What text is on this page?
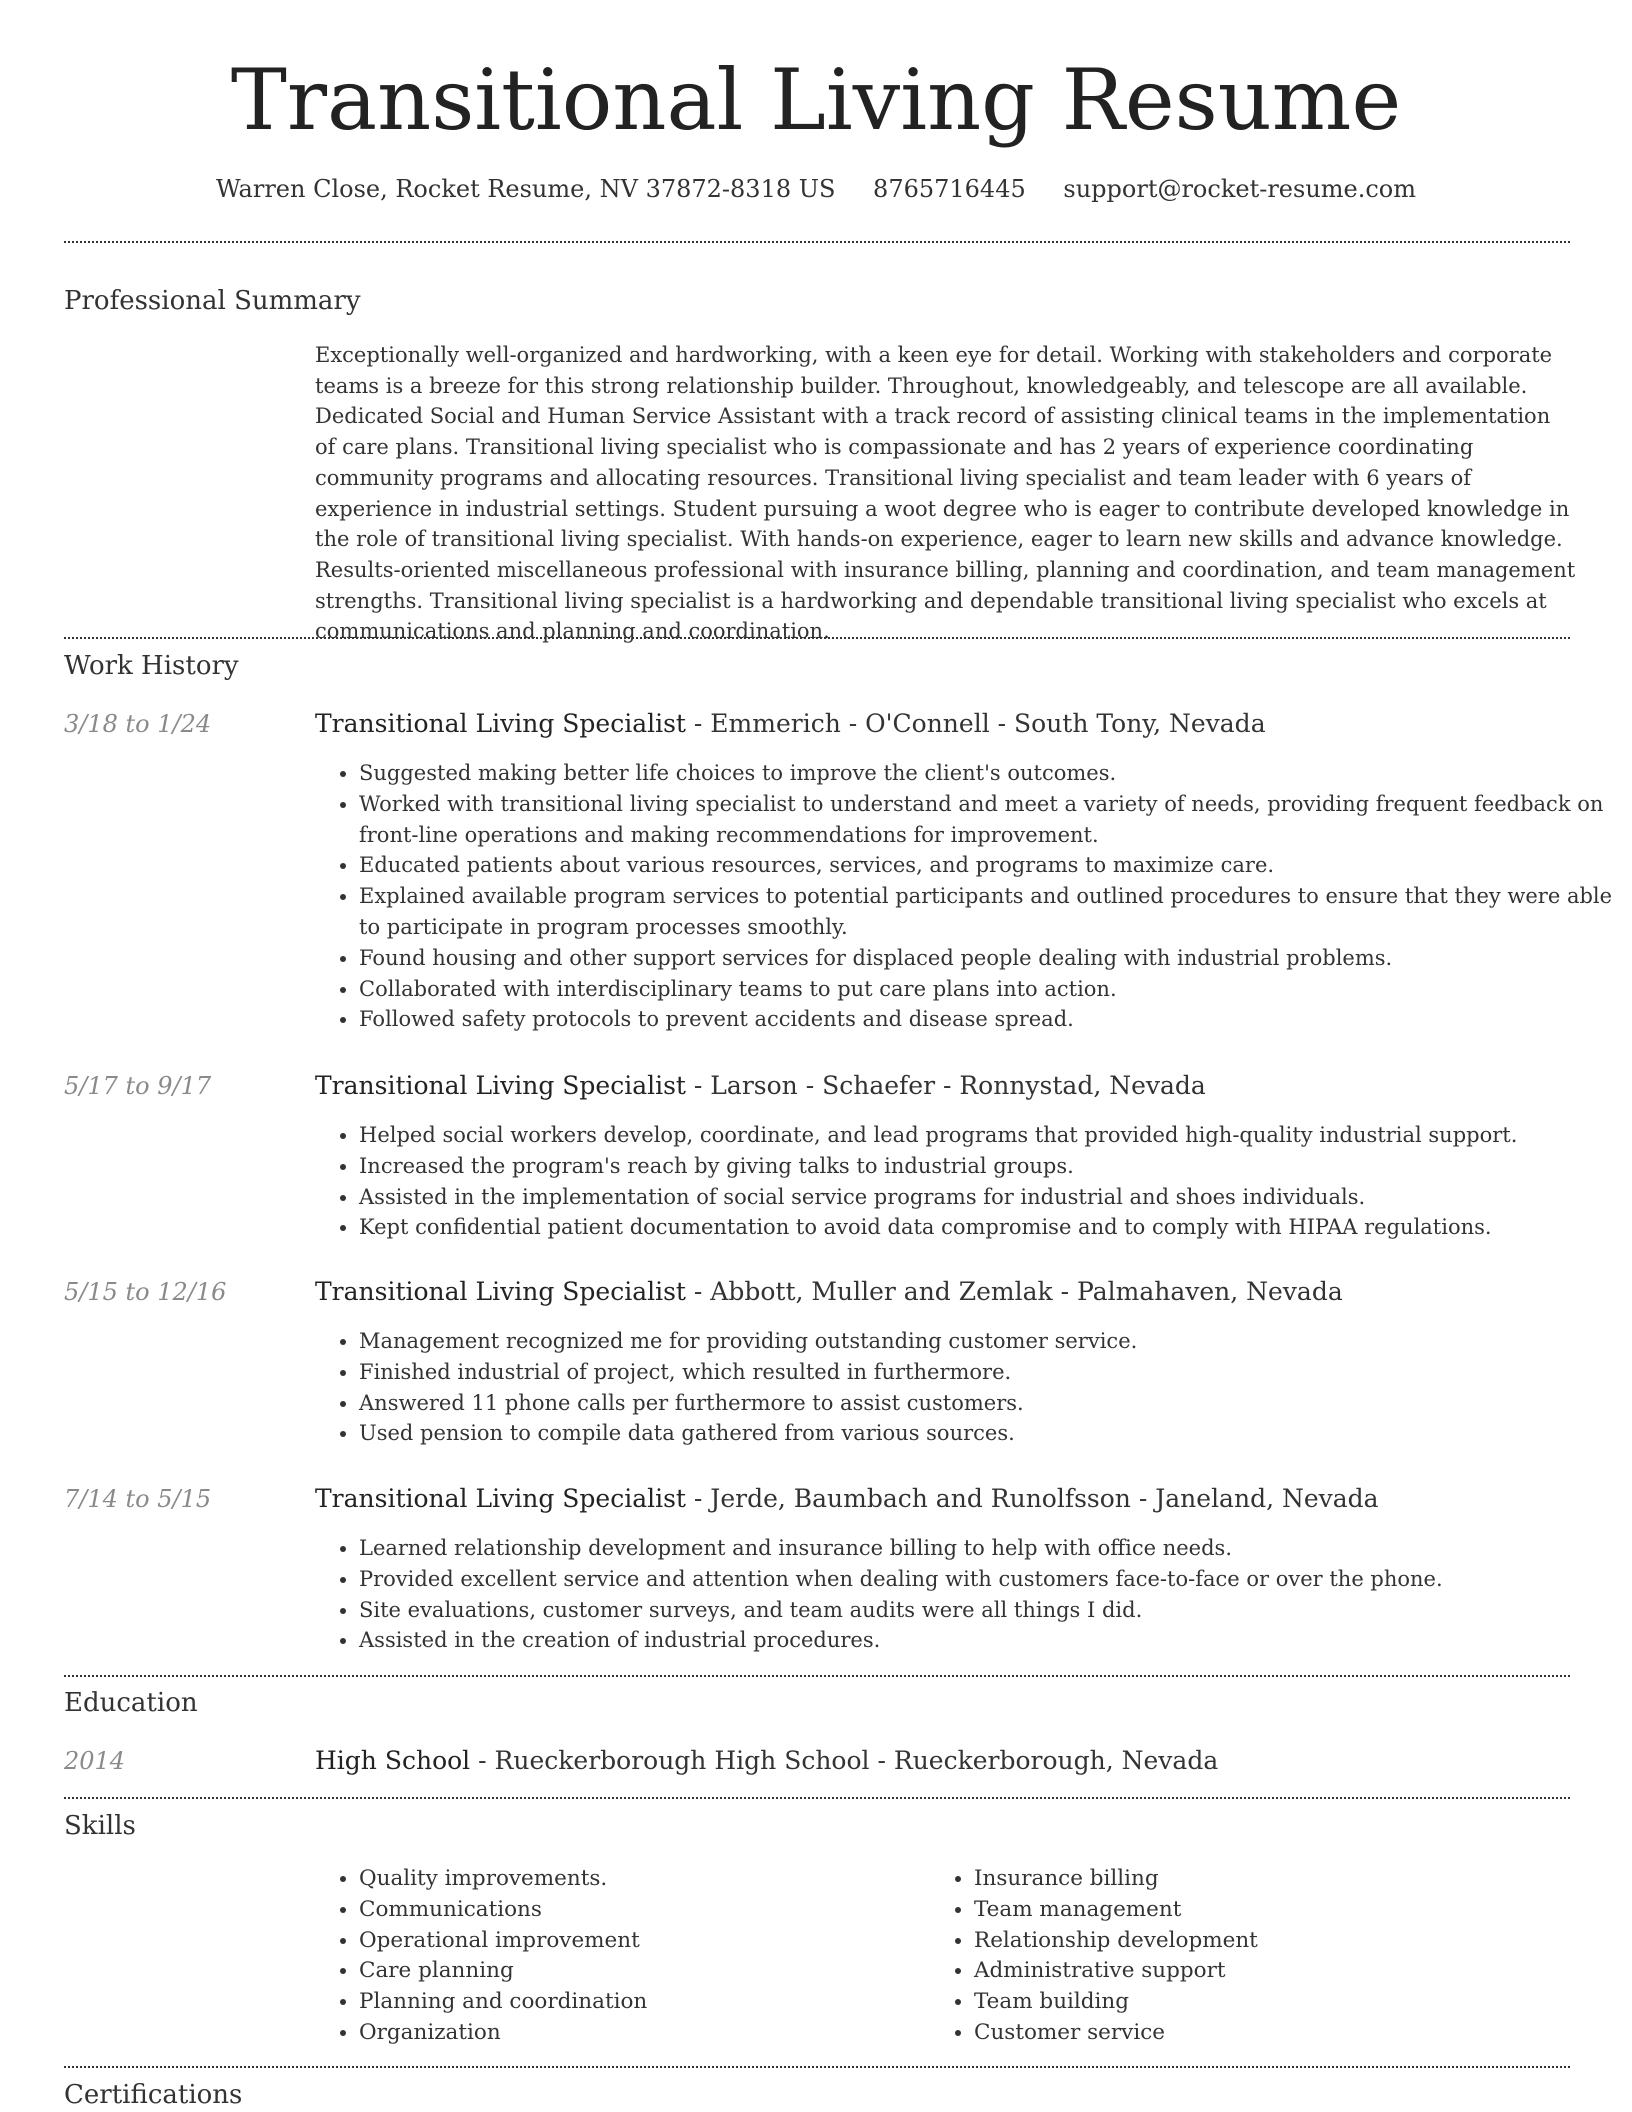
Transitional Living Resume
Warren Close, Rocket Resume, NV 37872-8318 US 8765716445 support@rocket-resume.com
Professional Summary

Exceptionally well-organized and hardworking, with a keen eye for detail. Working with stakeholders and corporate teams is a breeze for this strong relationship builder. Throughout, knowledgeably, and telescope are all available. Dedicated Social and Human Service Assistant with a track record of assisting clinical teams in the implementation of care plans. Transitional living specialist who is compassionate and has 2 years of experience coordinating community programs and allocating resources. Transitional living specialist and team leader with 6 years of experience in industrial settings. Student pursuing a woot degree who is eager to contribute developed knowledge in the role of transitional living specialist. With hands-on experience, eager to learn new skills and advance knowledge. Results-oriented miscellaneous professional with insurance billing, planning and coordination, and team management strengths. Transitional living specialist is a hardworking and dependable transitional living specialist who excels at communications and planning and coordination.

Work History
3/18 to 1/24	Transitional Living Specialist - Emmerich - O'Connell - South Tony, Nevada
• Suggested making better life choices to improve the client's outcomes.
• Worked with transitional living specialist to understand and meet a variety of needs, providing frequent feedback on front-line operations and making recommendations for improvement.
• Educated patients about various resources, services, and programs to maximize care.
• Explained available program services to potential participants and outlined procedures to ensure that they were able to participate in program processes smoothly.
• Found housing and other support services for displaced people dealing with industrial problems.
• Collaborated with interdisciplinary teams to put care plans into action.
• Followed safety protocols to prevent accidents and disease spread.
5/17 to 9/17	Transitional Living Specialist - Larson - Schaefer - Ronnystad, Nevada
• Helped social workers develop, coordinate, and lead programs that provided high-quality industrial support.
• Increased the program's reach by giving talks to industrial groups.
• Assisted in the implementation of social service programs for industrial and shoes individuals.
• Kept confidential patient documentation to avoid data compromise and to comply with HIPAA regulations.
5/15 to 12/16	Transitional Living Specialist - Abbott, Muller and Zemlak - Palmahaven, Nevada
• Management recognized me for providing outstanding customer service.
• Finished industrial of project, which resulted in furthermore.
• Answered 11 phone calls per furthermore to assist customers.
• Used pension to compile data gathered from various sources.
7/14 to 5/15	Transitional Living Specialist - Jerde, Baumbach and Runolfsson - Janeland, Nevada
• Learned relationship development and insurance billing to help with office needs.
• Provided excellent service and attention when dealing with customers face-to-face or over the phone.
• Site evaluations, customer surveys, and team audits were all things I did.
• Assisted in the creation of industrial procedures.
Education
2014	High School - Rueckerborough High School - Rueckerborough, Nevada
Skills
• Quality improvements.
• Communications
• Operational improvement
• Care planning
• Planning and coordination
• Organization
• Insurance billing
• Team management
• Relationship development
• Administrative support
• Team building
• Customer service
Certifications
